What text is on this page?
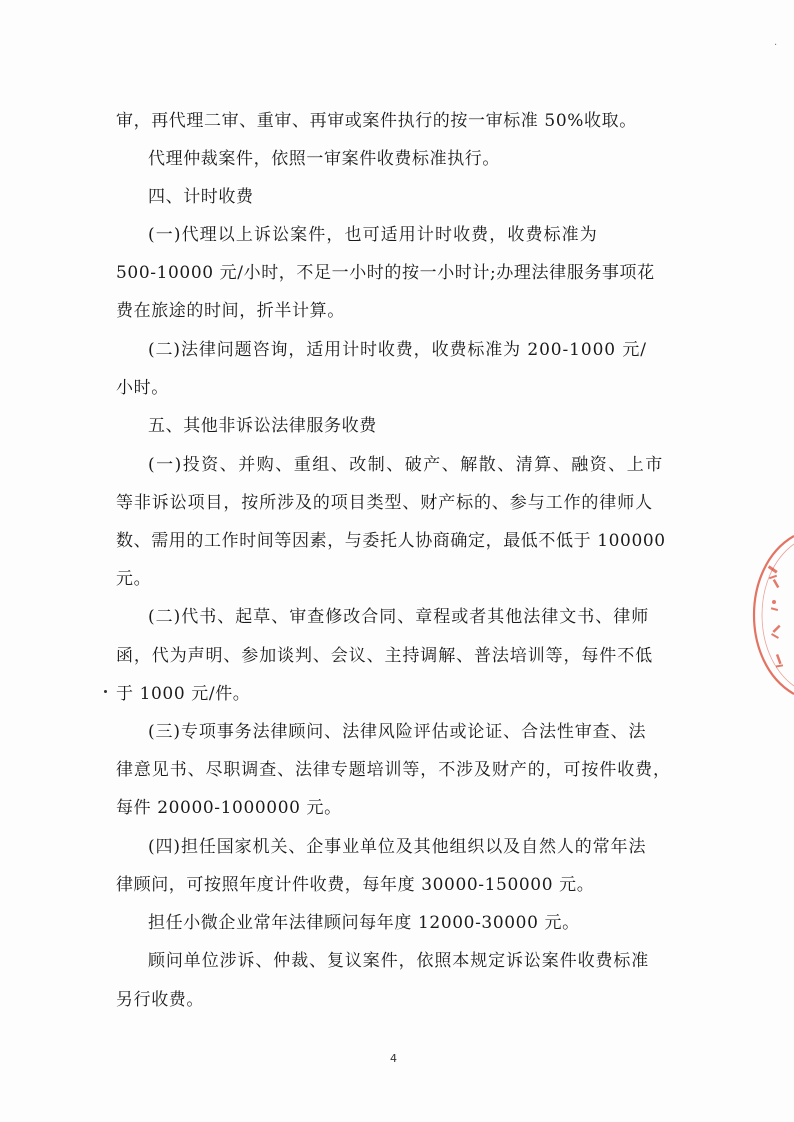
审，再代理二审、重审、再审或案件执行的按一审标准 50%收取。
代理仲裁案件，依照一审案件收费标准执行。
四、计时收费
(一)代理以上诉讼案件，也可适用计时收费，收费标准为
500-10000 元/小时，不足一小时的按一小时计;办理法律服务事项花
费在旅途的时间，折半计算。
(二)法律问题咨询，适用计时收费，收费标准为 200-1000 元/
小时。
五、其他非诉讼法律服务收费
(一)投资、并购、重组、改制、破产、解散、清算、融资、上市
等非诉讼项目，按所涉及的项目类型、财产标的、参与工作的律师人
数、需用的工作时间等因素，与委托人协商确定，最低不低于 100000
元。
(二)代书、起草、审查修改合同、章程或者其他法律文书、律师
函，代为声明、参加谈判、会议、主持调解、普法培训等，每件不低
于 1000 元/件。
(三)专项事务法律顾问、法律风险评估或论证、合法性审查、法
律意见书、尽职调查、法律专题培训等，不涉及财产的，可按件收费，
每件 20000-1000000 元。
(四)担任国家机关、企事业单位及其他组织以及自然人的常年法
律顾问，可按照年度计件收费，每年度 30000-150000 元。
担任小微企业常年法律顾问每年度 12000-30000 元。
顾问单位涉诉、仲裁、复议案件，依照本规定诉讼案件收费标准
另行收费。
·
4
